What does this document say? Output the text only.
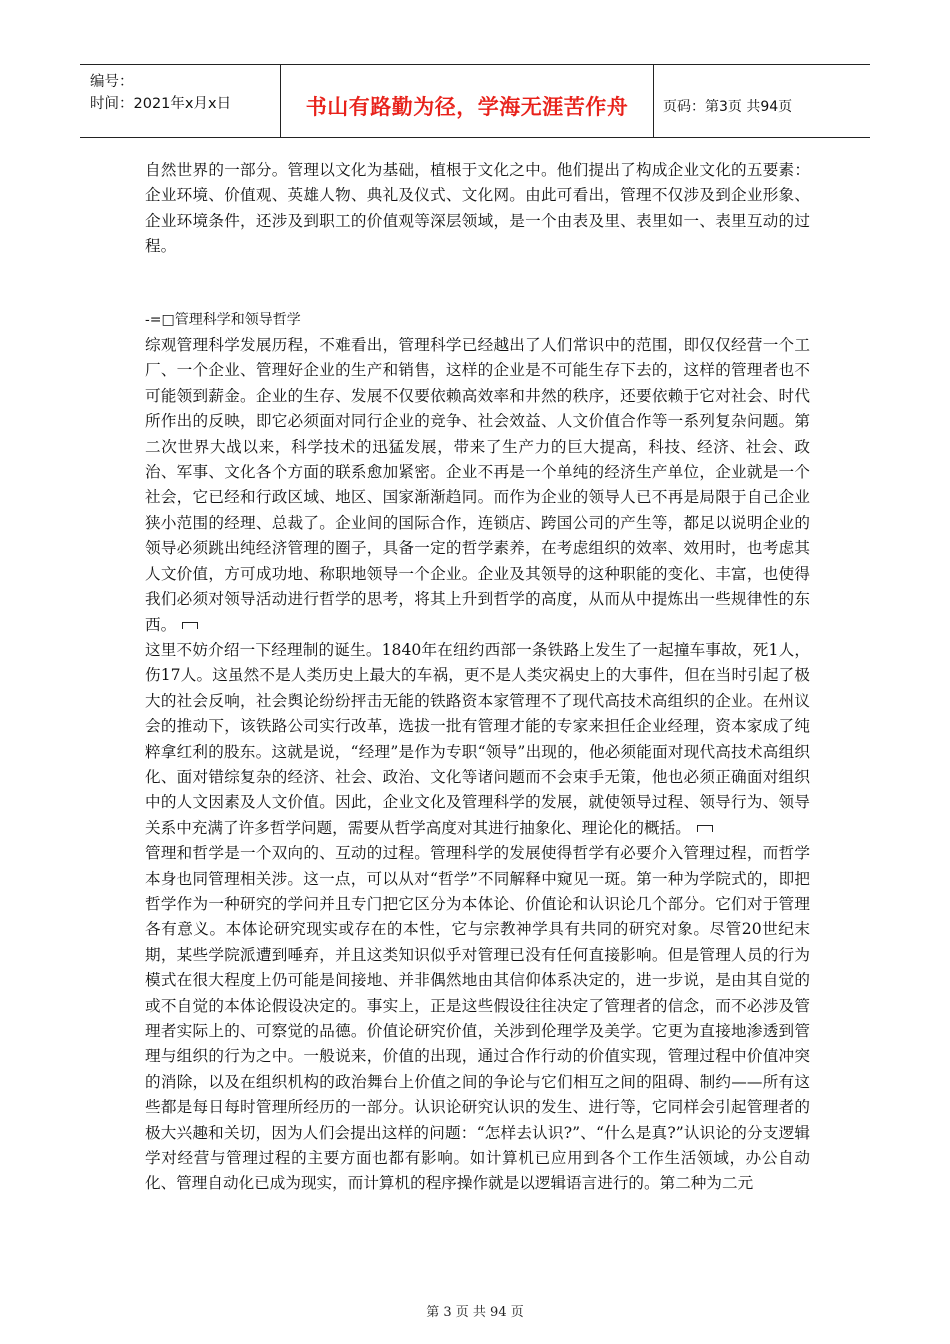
编号：
时间：2021年x月x日	书山有路勤为径，学海无涯苦作舟 页码：第3页 共94页

自然世界的一部分。管理以文化为基础，植根于文化之中。他们提出了构成企业文化的五要素：企业环境、价值观、英雄人物、典礼及仪式、文化网。由此可看出，管理不仅涉及到企业形象、企业环境条件，还涉及到职工的价值观等深层领域，是一个由表及里、表里如一、表里互动的过程。

-=□管理科学和领导哲学

综观管理科学发展历程，不难看出，管理科学已经越出了人们常识中的范围，即仅仅经营一个工厂、一个企业、管理好企业的生产和销售，这样的企业是不可能生存下去的，这样的管理者也不可能领到薪金。企业的生存、发展不仅要依赖高效率和井然的秩序，还要依赖于它对社会、时代所作出的反映，即它必须面对同行企业的竞争、社会效益、人文价值合作等一系列复杂问题。第二次世界大战以来，科学技术的迅猛发展，带来了生产力的巨大提高，科技、经济、社会、政治、军事、文化各个方面的联系愈加紧密。企业不再是一个单纯的经济生产单位，企业就是一个社会，它已经和行政区域、地区、国家渐渐趋同。而作为企业的领导人已不再是局限于自己企业狭小范围的经理、总裁了。企业间的国际合作，连锁店、跨国公司的产生等，都足以说明企业的领导必须跳出纯经济管理的圈子，具备一定的哲学素养，在考虑组织的效率、效用时，也考虑其人文价值，方可成功地、称职地领导一个企业。企业及其领导的这种职能的变化、丰富，也使得我们必须对领导活动进行哲学的思考，将其上升到哲学的高度，从而从中提炼出一些规律性的东西。

这里不妨介绍一下经理制的诞生。1840年在纽约西部一条铁路上发生了一起撞车事故，死1人，伤17人。这虽然不是人类历史上最大的车祸，更不是人类灾祸史上的大事件，但在当时引起了极大的社会反响，社会舆论纷纷抨击无能的铁路资本家管理不了现代高技术高组织的企业。在州议会的推动下，该铁路公司实行改革，选拔一批有管理才能的专家来担任企业经理，资本家成了纯粹拿红利的股东。这就是说，“经理”是作为专职“领导”出现的，他必须能面对现代高技术高组织化、面对错综复杂的经济、社会、政治、文化等诸问题而不会束手无策，他也必须正确面对组织中的人文因素及人文价值。因此，企业文化及管理科学的发展，就使领导过程、领导行为、领导关系中充满了许多哲学问题，需要从哲学高度对其进行抽象化、理论化的概括。

管理和哲学是一个双向的、互动的过程。管理科学的发展使得哲学有必要介入管理过程，而哲学本身也同管理相关涉。这一点，可以从对“哲学”不同解释中窥见一斑。第一种为学院式的，即把哲学作为一种研究的学问并且专门把它区分为本体论、价值论和认识论几个部分。它们对于管理各有意义。本体论研究现实或存在的本性，它与宗教神学具有共同的研究对象。尽管20世纪末期，某些学院派遭到唾弃，并且这类知识似乎对管理已没有任何直接影响。但是管理人员的行为模式在很大程度上仍可能是间接地、并非偶然地由其信仰体系决定的，进一步说，是由其自觉的或不自觉的本体论假设决定的。事实上，正是这些假设往往决定了管理者的信念，而不必涉及管理者实际上的、可察觉的品德。价值论研究价值，关涉到伦理学及美学。它更为直接地渗透到管理与组织的行为之中。一般说来，价值的出现，通过合作行动的价值实现，管理过程中价值冲突的消除，以及在组织机构的政治舞台上价值之间的争论与它们相互之间的阻碍、制约——所有这些都是每日每时管理所经历的一部分。认识论研究认识的发生、进行等，它同样会引起管理者的极大兴趣和关切，因为人们会提出这样的问题：“怎样去认识?”、“什么是真?”认识论的分支逻辑学对经营与管理过程的主要方面也都有影响。如计算机已应用到各个工作生活领域，办公自动化、管理自动化已成为现实，而计算机的程序操作就是以逻辑语言进行的。第二种为二元

第 3 页 共 94 页
